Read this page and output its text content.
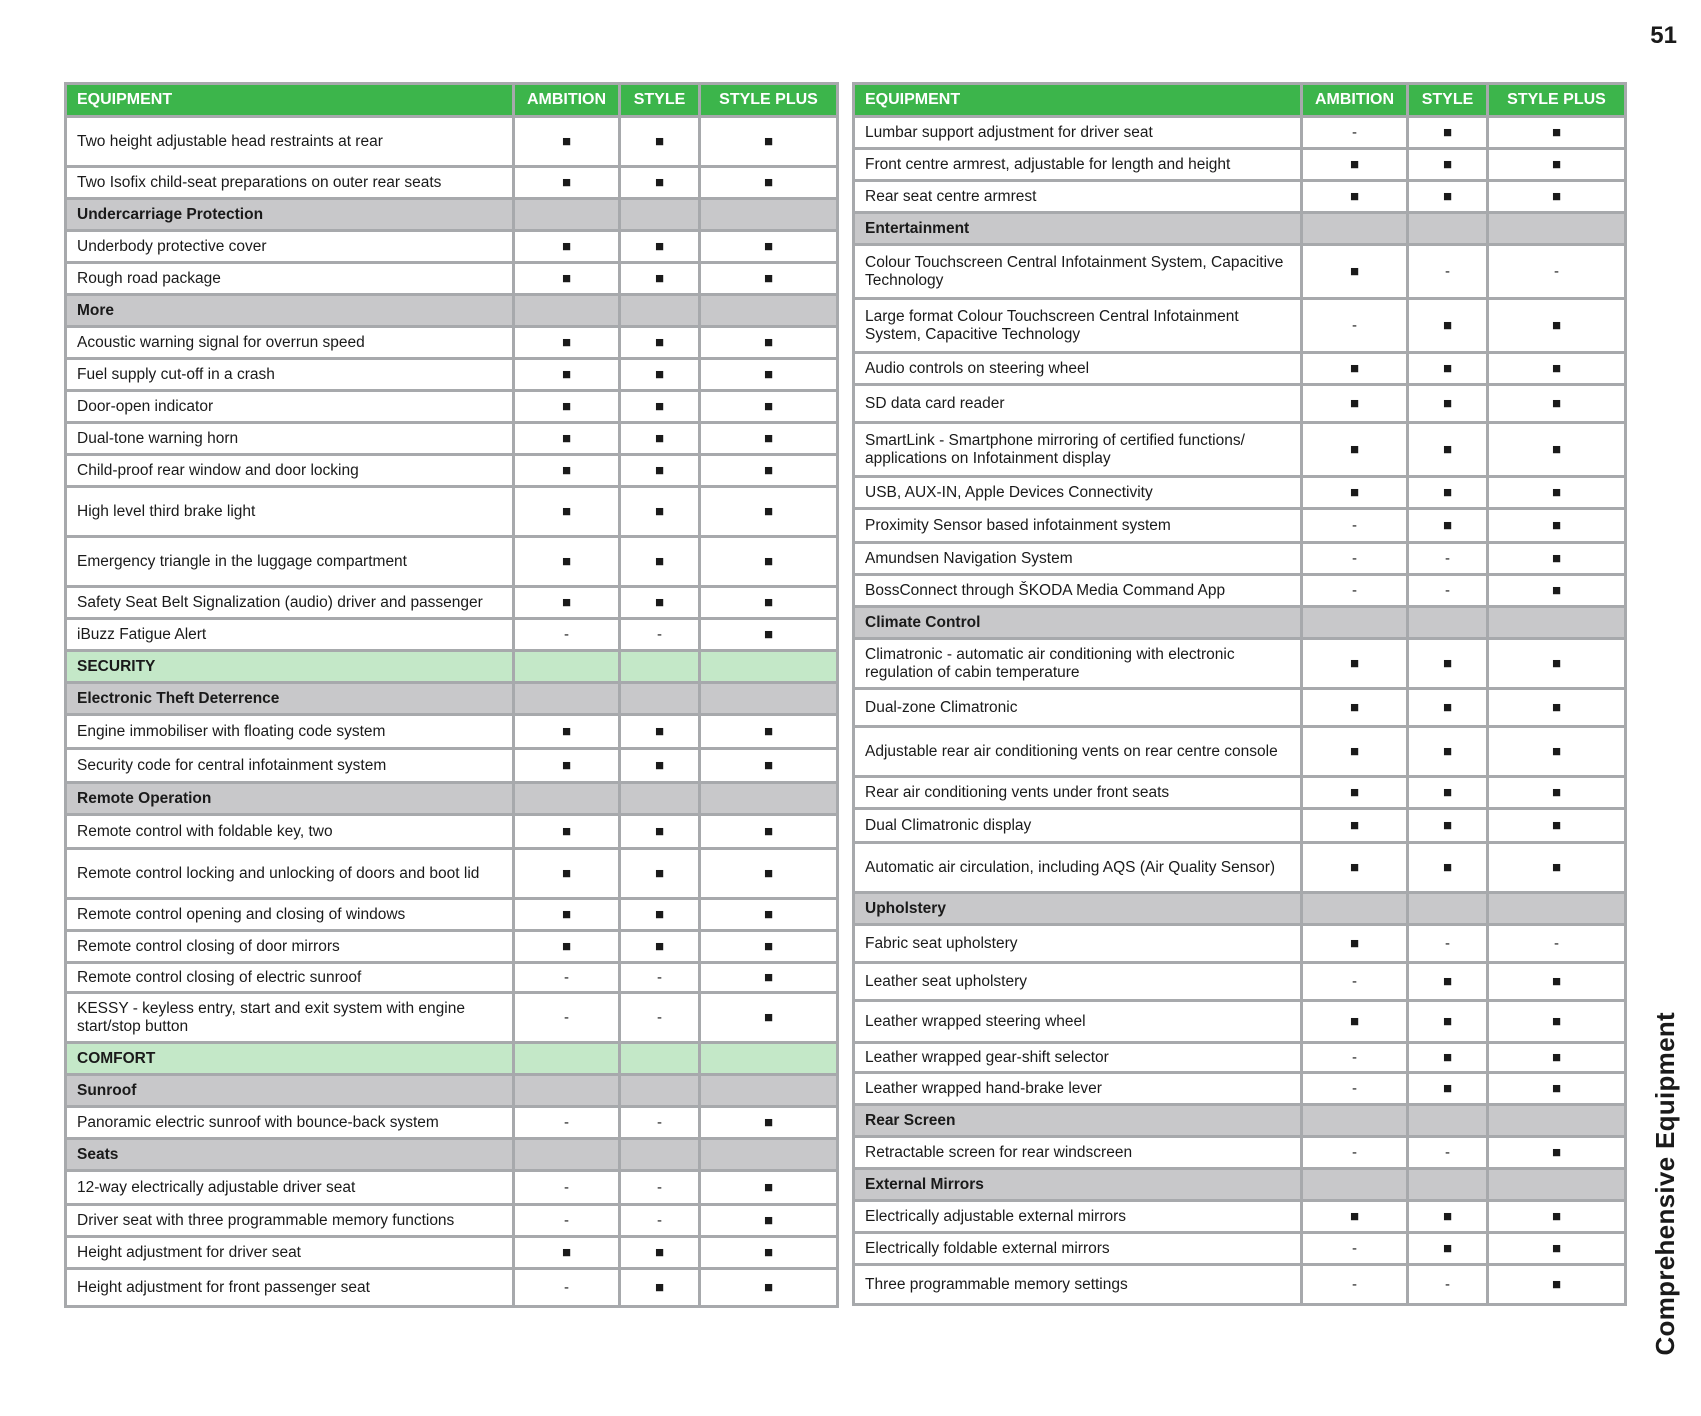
51
EQUIPMENT	AMBITION	STYLE	STYLE PLUS
Two height adjustable head restraints at rear	■	■	■
Two Isofix child-seat preparations on outer rear seats	■	■	■
Undercarriage Protection			
Underbody protective cover	■	■	■
Rough road package	■	■	■
More			
Acoustic warning signal for overrun speed	■	■	■
Fuel supply cut-off in a crash	■	■	■
Door-open indicator	■	■	■
Dual-tone warning horn	■	■	■
Child-proof rear window and door locking	■	■	■
High level third brake light	■	■	■
Emergency triangle in the luggage compartment	■	■	■
Safety Seat Belt Signalization (audio) driver and passenger	■	■	■
iBuzz Fatigue Alert	-	-	■
SECURITY			
Electronic Theft Deterrence			
Engine immobiliser with floating code system	■	■	■
Security code for central infotainment system	■	■	■
Remote Operation			
Remote control with foldable key, two	■	■	■
Remote control locking and unlocking of doors and boot lid	■	■	■
Remote control opening and closing of windows	■	■	■
Remote control closing of door mirrors	■	■	■
Remote control closing of electric sunroof	-	-	■
KESSY - keyless entry, start and exit system with engine start/stop button	-	-	■
COMFORT			
Sunroof			
Panoramic electric sunroof with bounce-back system	-	-	■
Seats			
12-way electrically adjustable driver seat	-	-	■
Driver seat with three programmable memory functions	-	-	■
Height adjustment for driver seat	■	■	■
Height adjustment for front passenger seat	-	■	■
EQUIPMENT	AMBITION	STYLE	STYLE PLUS
Lumbar support adjustment for driver seat	-	■	■
Front centre armrest, adjustable for length and height	■	■	■
Rear seat centre armrest	■	■	■
Entertainment			
Colour Touchscreen Central Infotainment System, Capacitive Technology	■	-	-
Large format Colour Touchscreen Central Infotainment System, Capacitive Technology	-	■	■
Audio controls on steering wheel	■	■	■
SD data card reader	■	■	■
SmartLink - Smartphone mirroring of certified functions/ applications on Infotainment display	■	■	■
USB, AUX-IN, Apple Devices Connectivity	■	■	■
Proximity Sensor based infotainment system	-	■	■
Amundsen Navigation System	-	-	■
BossConnect through ŠKODA Media Command App	-	-	■
Climate Control			
Climatronic - automatic air conditioning with electronic regulation of cabin temperature	■	■	■
Dual-zone Climatronic	■	■	■
Adjustable rear air conditioning vents on rear centre console	■	■	■
Rear air conditioning vents under front seats	■	■	■
Dual Climatronic display	■	■	■
Automatic air circulation, including AQS (Air Quality Sensor)	■	■	■
Upholstery			
Fabric seat upholstery	■	-	-
Leather seat upholstery	-	■	■
Leather wrapped steering wheel	■	■	■
Leather wrapped gear-shift selector	-	■	■
Leather wrapped hand-brake lever	-	■	■
Rear Screen			
Retractable screen for rear windscreen	-	-	■
External Mirrors			
Electrically adjustable external mirrors	■	■	■
Electrically foldable external mirrors	-	■	■
Three programmable memory settings	-	-	■	Comprehensive Equipment
